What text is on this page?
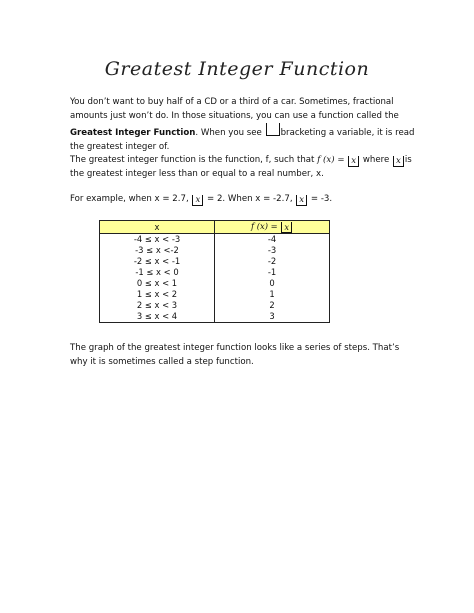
Greatest Integer Function
You don’t want to buy half of a CD or a third of a car. Sometimes, fractional amounts just won’t do. In those situations, you can use a function called the Greatest Integer Function. When you see bracketing a variable, it is read the greatest integer of.
The greatest integer function is the function, f, such that f (x) = x where x is the greatest integer less than or equal to a real number, x.
For example, when x = 2.7, x = 2. When x = -2.7, x = -3.
x	f (x) = x
-4 ≤ x < -3	-4
-3 ≤ x <-2	-3
-2 ≤ x < -1	-2
-1 ≤ x < 0	-1
0 ≤ x < 1	0
1 ≤ x < 2	1
2 ≤ x < 3	2
3 ≤ x < 4	3
The graph of the greatest integer function looks like a series of steps. That’s why it is sometimes called a step function.
